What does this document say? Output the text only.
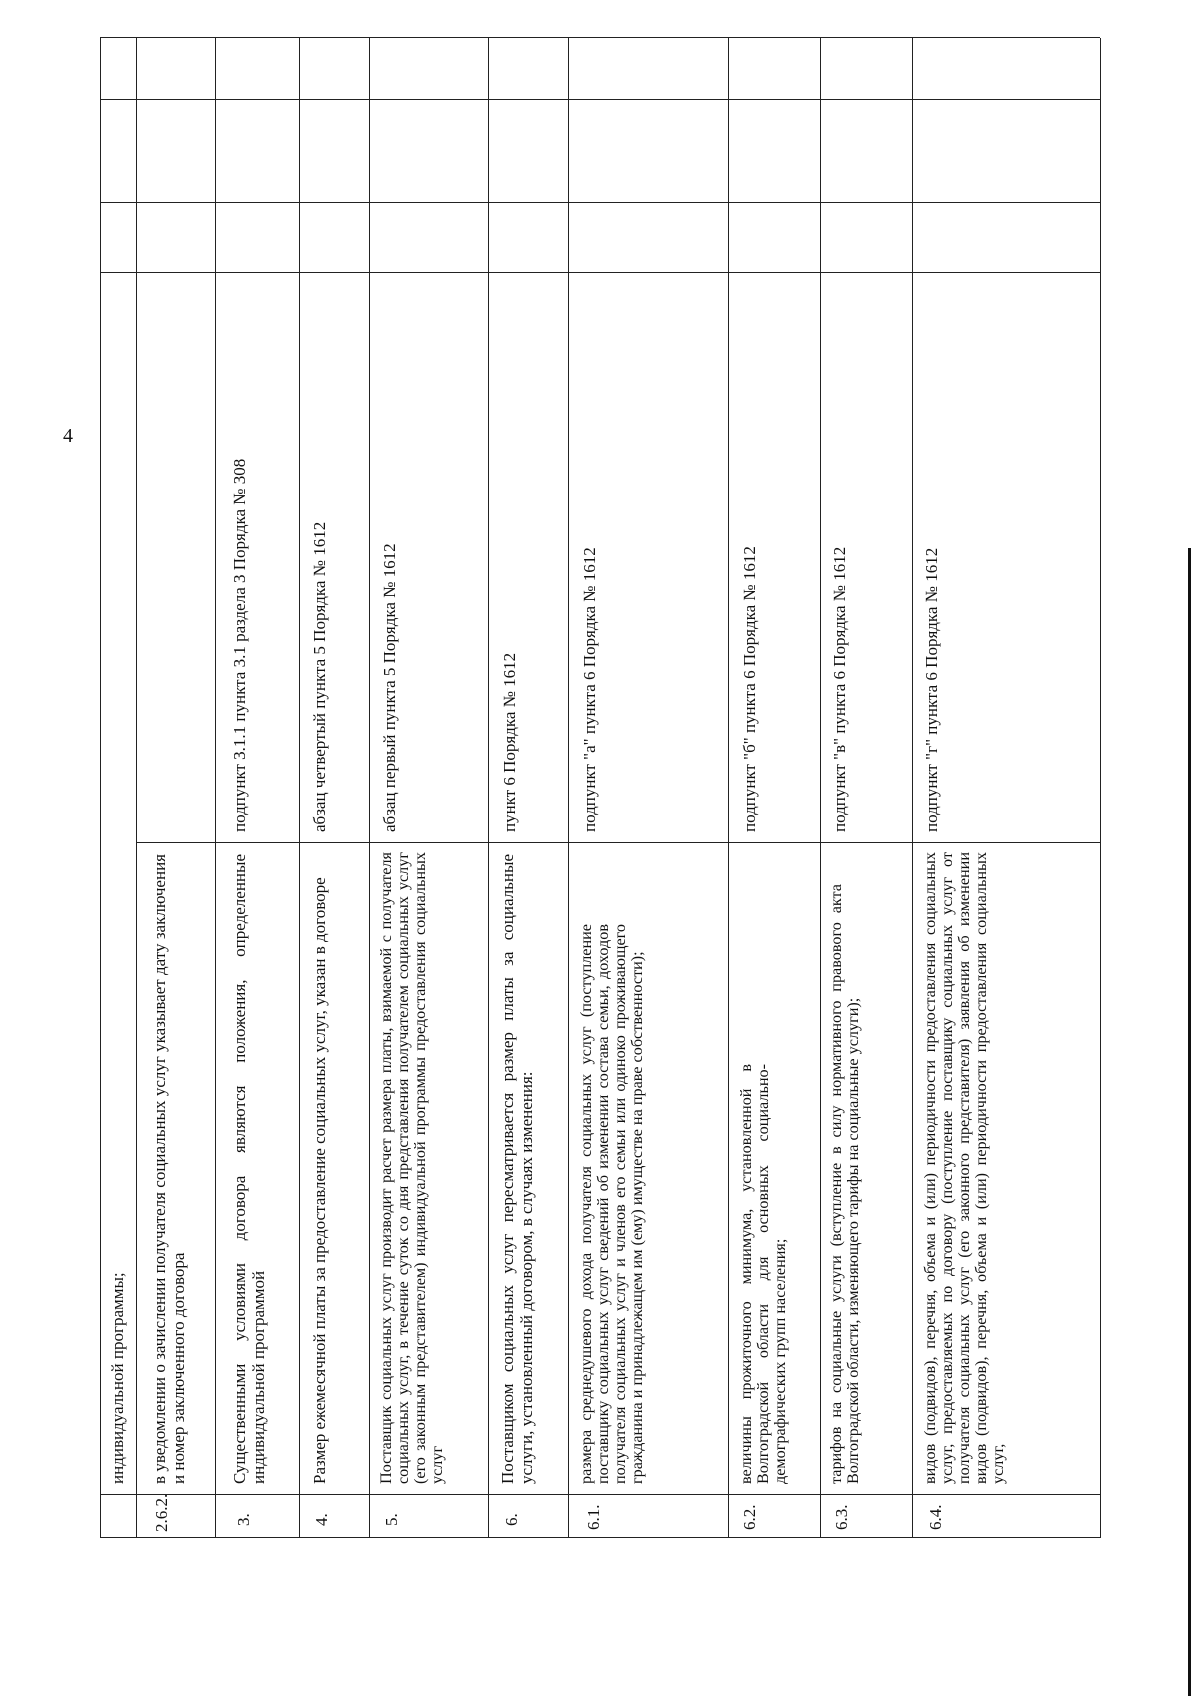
4
индивидуальной программы;
2.6.2.
в уведомлении о зачислении получателя социальных услуг указывает дату заключения и номер заключенного договора
3.
Существенными условиями договора являются положения, определенные индивидуальной программой
подпункт 3.1.1 пункта 3.1 раздела 3 Порядка № 308
4.
Размер ежемесячной платы за предоставление социальных услуг, указан в договоре
абзац четвертый пункта 5 Порядка № 1612
5.
Поставщик социальных услуг производит расчет размера платы, взимаемой с получателя социальных услуг, в течение суток со дня представления получателем социальных услуг (его законным представителем) индивидуальной программы предоставления социальных услуг
абзац первый пункта 5 Порядка № 1612
6.
Поставщиком социальных услуг пересматривается размер платы за социальные услуги, установленный договором, в случаях изменения:
пункт 6 Порядка № 1612
6.1.
размера среднедушевого дохода получателя социальных услуг (поступление поставщику социальных услуг сведений об изменении состава семьи, доходов получателя социальных услуг и членов его семьи или одиноко проживающего гражданина и принадлежащем им (ему) имуществе на праве собственности);
подпункт "а" пункта 6 Порядка № 1612
6.2.
величины прожиточного минимума, установленной в Волгоградской области для основных социально-демографических групп населения;
подпункт "б" пункта 6 Порядка № 1612
6.3.
тарифов на социальные услуги (вступление в силу нормативного правового акта Волгоградской области, изменяющего тарифы на социальные услуги);
подпункт "в" пункта 6 Порядка № 1612
6.4.
видов (подвидов), перечня, объема и (или) периодичности предоставления социальных услуг, предоставляемых по договору (поступление поставщику социальных услуг от получателя социальных услуг (его законного представителя) заявления об изменении видов (подвидов), перечня, объема и (или) периодичности предоставления социальных услуг,
подпункт "г" пункта 6 Порядка № 1612
